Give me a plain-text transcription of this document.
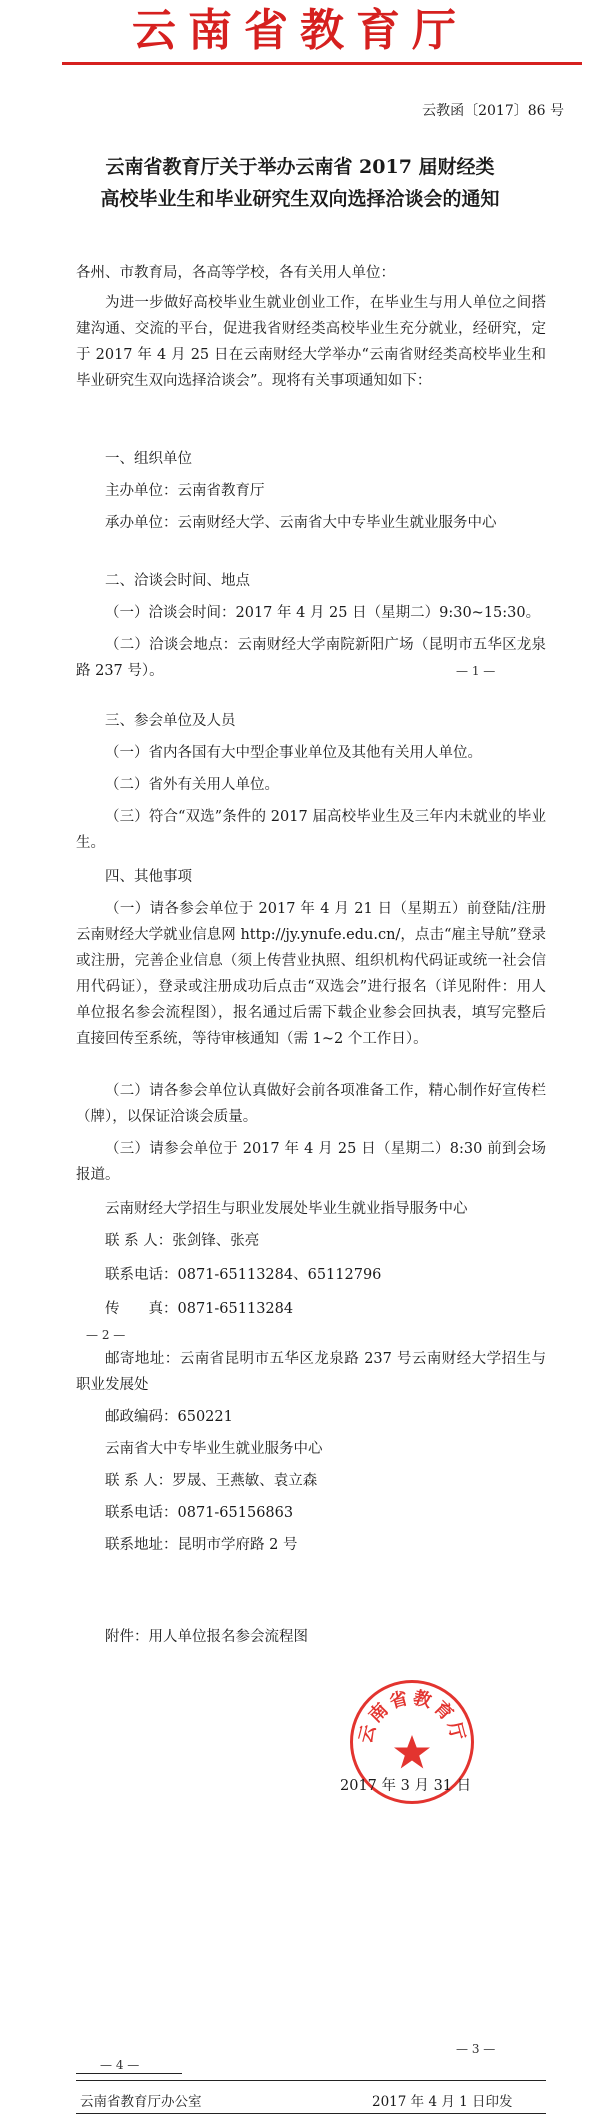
云南省教育厅
云教函〔2017〕86 号
云南省教育厅关于举办云南省 2017 届财经类
高校毕业生和毕业研究生双向选择洽谈会的通知
各州、市教育局，各高等学校，各有关用人单位：
为进一步做好高校毕业生就业创业工作，在毕业生与用人单位之间搭建沟通、交流的平台，促进我省财经类高校毕业生充分就业，经研究，定于 2017 年 4 月 25 日在云南财经大学举办“云南省财经类高校毕业生和毕业研究生双向选择洽谈会”。现将有关事项通知如下：
一、组织单位
主办单位：云南省教育厅
承办单位：云南财经大学、云南省大中专毕业生就业服务中心
二、洽谈会时间、地点
（一）洽谈会时间：2017 年 4 月 25 日（星期二）9:30~15:30。
（二）洽谈会地点：云南财经大学南院新阳广场（昆明市五华区龙泉路 237 号）。	— 1 —
三、参会单位及人员
（一）省内各国有大中型企事业单位及其他有关用人单位。
（二）省外有关用人单位。
（三）符合“双选”条件的 2017 届高校毕业生及三年内未就业的毕业生。
四、其他事项
（一）请各参会单位于 2017 年 4 月 21 日（星期五）前登陆/注册云南财经大学就业信息网 http://jy.ynufe.edu.cn/，点击“雇主导航”登录或注册，完善企业信息（须上传营业执照、组织机构代码证或统一社会信用代码证），登录或注册成功后点击“双选会”进行报名（详见附件：用人单位报名参会流程图），报名通过后需下载企业参会回执表，填写完整后直接回传至系统，等待审核通知（需 1~2 个工作日）。
（二）请各参会单位认真做好会前各项准备工作，精心制作好宣传栏（牌），以保证洽谈会质量。
（三）请参会单位于 2017 年 4 月 25 日（星期二）8:30 前到会场报道。
云南财经大学招生与职业发展处毕业生就业指导服务中心
联 系 人：张剑锋、张亮
联系电话：0871-65113284、65112796
传　　真：0871-65113284
— 2 —
邮寄地址：云南省昆明市五华区龙泉路 237 号云南财经大学招生与职业发展处
邮政编码：650221
云南省大中专毕业生就业服务中心
联 系 人：罗晟、王燕敏、袁立森
联系电话：0871-65156863
联系地址：昆明市学府路 2 号
附件：用人单位报名参会流程图
云南省教育厅
2017 年 3 月 31 日
— 4 —
— 3 —
云南省教育厅办公室	2017 年 4 月 1 日印发
